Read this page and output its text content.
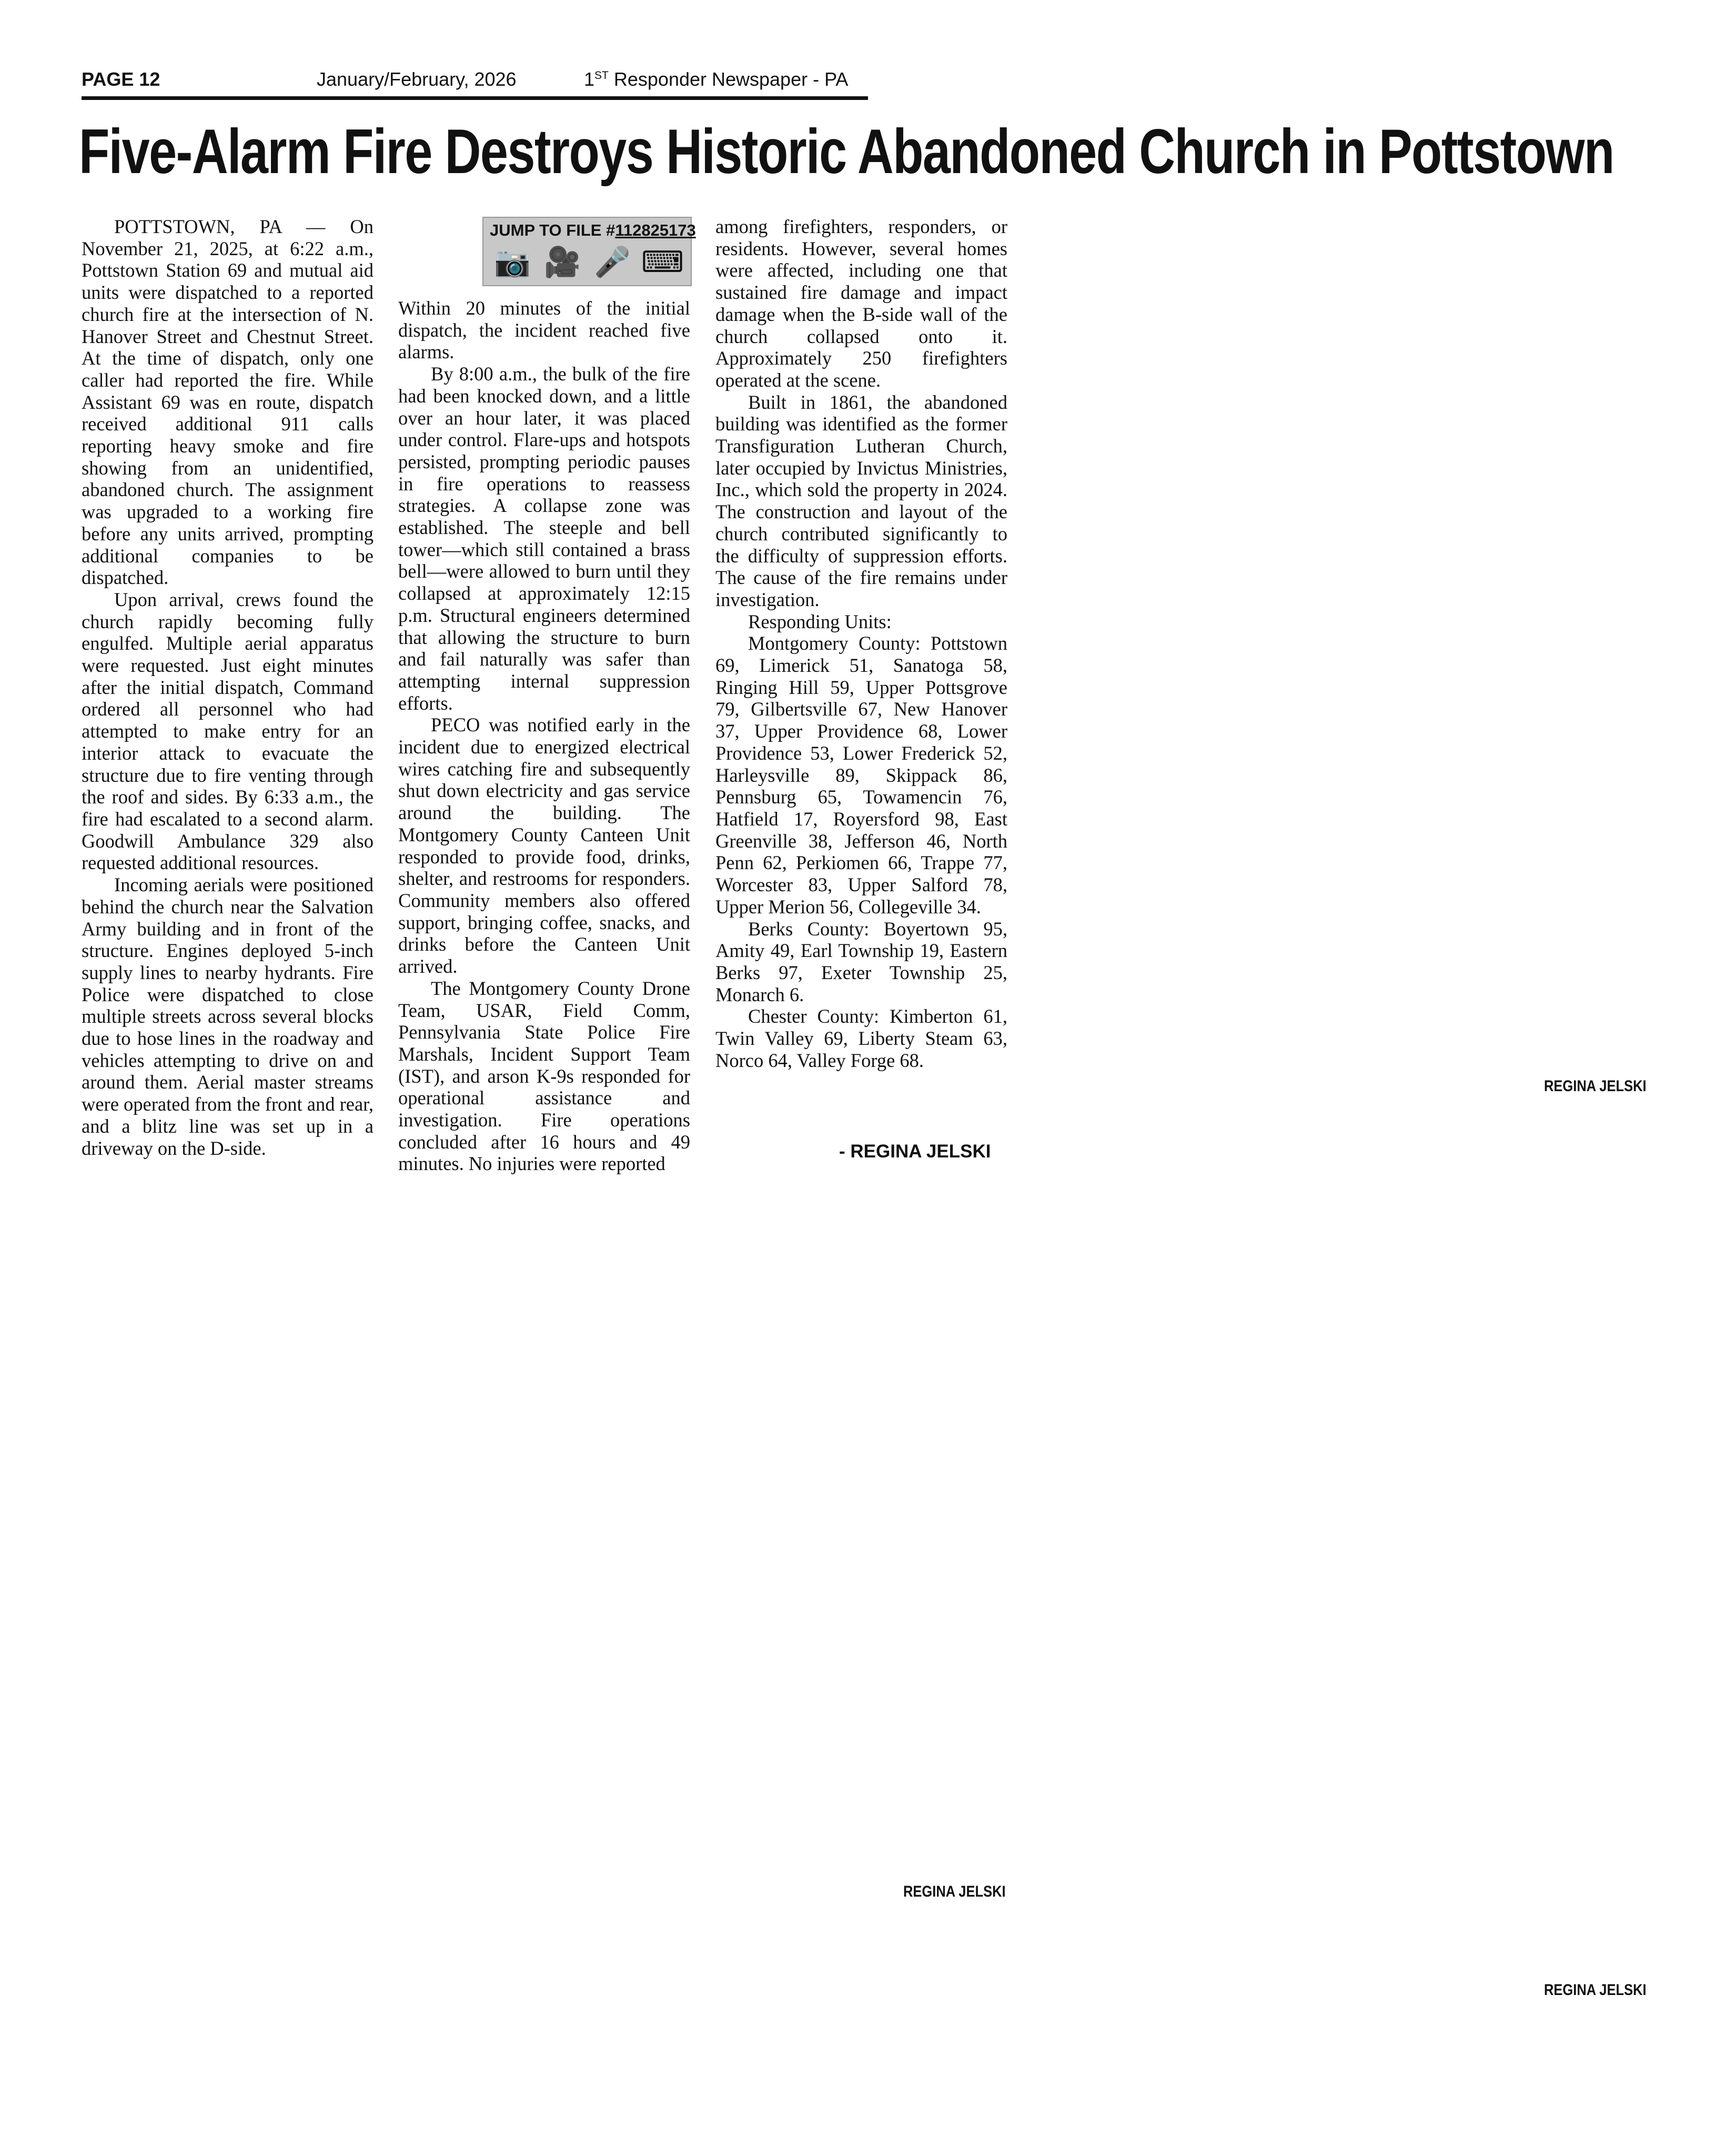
PAGE 12	January/February, 2026	1ST Responder Newspaper - PA
Five-Alarm Fire Destroys Historic Abandoned Church in Pottstown
JUMP TO FILE #112825173
📷 🎥 🎤 ⌨

POTTSTOWN, PA — On November 21, 2025, at 6:22 a.m., Pottstown Station 69 and mutual aid units were dispatched to a reported church fire at the intersection of N. Hanover Street and Chestnut Street. At the time of dispatch, only one caller had reported the fire. While Assistant 69 was en route, dispatch received additional 911 calls reporting heavy smoke and fire showing from an unidentified, abandoned church. The assignment was upgraded to a working fire before any units arrived, prompting additional companies to be dispatched.

Upon arrival, crews found the church rapidly becoming fully engulfed. Multiple aerial apparatus were requested. Just eight minutes after the initial dispatch, Command ordered all personnel who had attempted to make entry for an interior attack to evacuate the structure due to fire venting through the roof and sides. By 6:33 a.m., the fire had escalated to a second alarm. Goodwill Ambulance 329 also requested additional resources.

Incoming aerials were positioned behind the church near the Salvation Army building and in front of the structure. Engines deployed 5-inch supply lines to nearby hydrants. Fire Police were dispatched to close multiple streets across several blocks due to hose lines in the roadway and vehicles attempting to drive on and around them. Aerial master streams were operated from the front and rear, and a blitz line was set up in a driveway on the D-side.

Within 20 minutes of the initial dispatch, the incident reached five alarms.

By 8:00 a.m., the bulk of the fire had been knocked down, and a little over an hour later, it was placed under control. Flare-ups and hotspots persisted, prompting periodic pauses in fire operations to reassess strategies. A collapse zone was established. The steeple and bell tower—which still contained a brass bell—were allowed to burn until they collapsed at approximately 12:15 p.m. Structural engineers determined that allowing the structure to burn and fail naturally was safer than attempting internal suppression efforts.

PECO was notified early in the incident due to energized electrical wires catching fire and subsequently shut down electricity and gas service around the building. The Montgomery County Canteen Unit responded to provide food, drinks, shelter, and restrooms for responders. Community members also offered support, bringing coffee, snacks, and drinks before the Canteen Unit arrived.

The Montgomery County Drone Team, USAR, Field Comm, Pennsylvania State Police Fire Marshals, Incident Support Team (IST), and arson K-9s responded for operational assistance and investigation. Fire operations concluded after 16 hours and 49 minutes. No injuries were reported

among firefighters, responders, or residents. However, several homes were affected, including one that sustained fire damage and impact damage when the B-side wall of the church collapsed onto it. Approximately 250 firefighters operated at the scene.

Built in 1861, the abandoned building was identified as the former Transfiguration Lutheran Church, later occupied by Invictus Ministries, Inc., which sold the property in 2024. The construction and layout of the church contributed significantly to the difficulty of suppression efforts. The cause of the fire remains under investigation.

Responding Units:

Montgomery County: Pottstown 69, Limerick 51, Sanatoga 58, Ringing Hill 59, Upper Pottsgrove 79, Gilbertsville 67, New Hanover 37, Upper Providence 68, Lower Providence 53, Lower Frederick 52, Harleysville 89, Skippack 86, Pennsburg 65, Towamencin 76, Hatfield 17, Royersford 98, East Greenville 38, Jefferson 46, North Penn 62, Perkiomen 66, Trappe 77, Worcester 83, Upper Salford 78, Upper Merion 56, Collegeville 34.

Berks County: Boyertown 95, Amity 49, Earl Township 19, Eastern Berks 97, Exeter Township 25, Monarch 6.

Chester County: Kimberton 61, Twin Valley 69, Liberty Steam 63, Norco 64, Valley Forge 68.

- REGINA JELSKI
REGINA JELSKI
REGINA JELSKI
REGINA JELSKI
